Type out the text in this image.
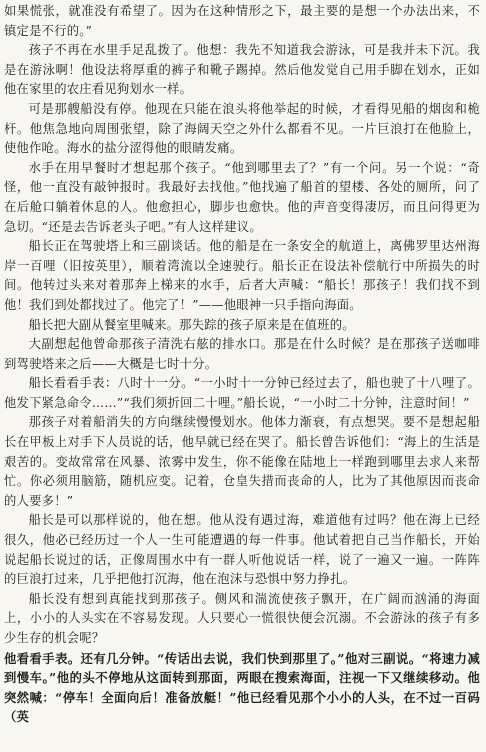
如果慌张，就准没有希望了。因为在这种情形之下，最主要的是想一个办法出来，不镇定是不行的。”

孩子不再在水里手足乱拨了。他想：我先不知道我会游泳，可是我并未下沉。我是在游泳啊！他设法将厚重的裤子和靴子踢掉。然后他发觉自己用手脚在划水，正如他在家里的农庄看见狗划水一样。

可是那艘船没有停。他现在只能在浪头将他举起的时候，才看得见船的烟囱和桅杆。他焦急地向周围张望，除了海阔天空之外什么都看不见。一片巨浪打在他脸上，使他作呛。海水的盐分涩得他的眼睛发痛。

水手在用早餐时才想起那个孩子。“他到哪里去了？”有一个问。另一个说：“奇怪，他一直没有敲钟报时。我最好去找他。”他找遍了船首的望楼、各处的厕所，问了在后舱口躺着休息的人。他愈担心，脚步也愈快。他的声音变得凄厉，而且问得更为急切。“还是去告诉老头子吧。”有人这样建议。

船长正在驾驶塔上和三副谈话。他的船是在一条安全的航道上，离佛罗里达州海岸一百哩（旧按英里），顺着湾流以全速驶行。船长正在设法补偿航行中所损失的时间。他转过头来对着那奔上梯来的水手，后者大声喊：“船长！那孩子！我们找不到他！我们到处都找过了。他完了！”——他眼神一只手指向海面。

船长把大副从餐室里喊来。那失踪的孩子原来是在值班的。

大副想起他曾命那孩子清洗右舷的排水口。那是在什么时候？是在那孩子送咖啡到驾驶塔来之后——大概是七时十分。

船长看看手表：八时十一分。“一小时十一分钟已经过去了，船也驶了十八哩了。他发下紧急命令……”“我们须折回二十哩。”船长说，“一小时二十分钟，注意时间！”

那孩子对着船消失的方向继续慢慢划水。他体力渐衰，有点想哭。要不是想起船长在甲板上对手下人员说的话，他早就已经在哭了。船长曾告诉他们：“海上的生活是艰苦的。变故常常在风暴、浓雾中发生，你不能像在陆地上一样跑到哪里去求人来帮忙。你必须用脑筋，随机应变。记着，仓皇失措而丧命的人，比为了其他原因而丧命的人要多！”

船长是可以那样说的，他在想。他从没有遇过海，难道他有过吗？他在海上已经很久，他必已经历过一个人一生可能遭遇的每一件事。他试着把自己当作船长，开始说起船长说过的话，正像周围水中有一群人听他说话一样，说了一遍又一遍。一阵阵的巨浪打过来，几乎把他打沉海，他在泡沫与恐惧中努力挣扎。

船长没有想到真能找到那孩子。侧风和湍流使孩子飘开，在广阔而汹涌的海面上，小小的人头实在不容易发现。人只要心一慌很快便会沉溺。不会游泳的孩子有多少生存的机会呢？

他看看手表。还有几分钟。“传话出去说，我们快到那里了。”他对三副说。“将速力减到慢车。”他的头不停地从这面转到那面，两眼在搜索海面，注视一下又继续移动。他突然喊：“停车！全面向后！准备放艇！”他已经看见那个小小的人头，在不过一百码（英
